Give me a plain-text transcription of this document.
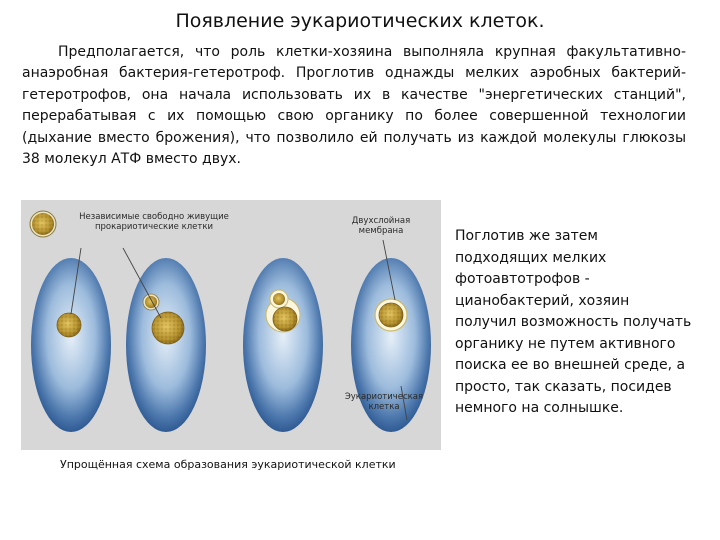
Появление эукариотических клеток.
Предполагается, что роль клетки-хозяина выполняла крупная факультативно-анаэробная бактерия-гетеротроф. Проглотив однажды мелких аэробных бактерий-гетеротрофов, она начала использовать их в качестве "энергетических станций", перерабатывая с их помощью свою органику по более совершенной технологии (дыхание вместо брожения), что позволило ей получать из каждой молекулы глюкозы 38 молекул АТФ вместо двух.
Независимые свободно живущие прокариотические клетки
Двухслойная мембрана
Эукариотическая клетка
Упрощённая схема образования эукариотической клетки
Поглотив же затем подходящих мелких фотоавтотрофов - цианобактерий, хозяин получил возможность получать органику не путем активного поиска ее во внешней среде, а просто, так сказать, посидев немного на солнышке.
